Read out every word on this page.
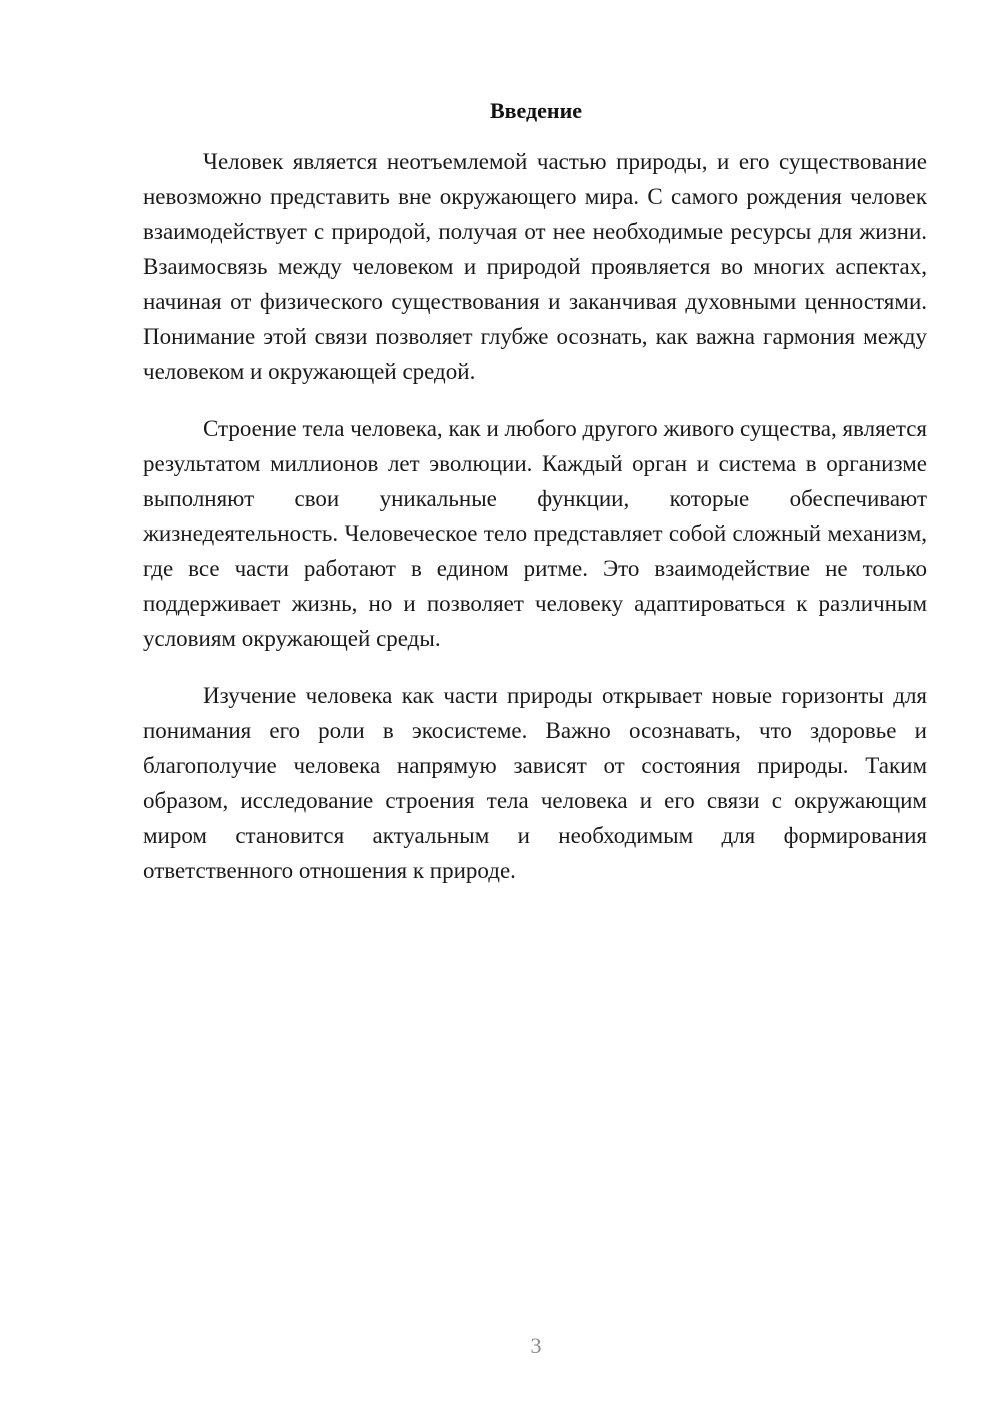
Введение

Человек является неотъемлемой частью природы, и его существование невозможно представить вне окружающего мира. С самого рождения человек взаимодействует с природой, получая от нее необходимые ресурсы для жизни. Взаимосвязь между человеком и природой проявляется во многих аспектах, начиная от физического существования и заканчивая духовными ценностями. Понимание этой связи позволяет глубже осознать, как важна гармония между человеком и окружающей средой.

Строение тела человека, как и любого другого живого существа, является результатом миллионов лет эволюции. Каждый орган и система в организме выполняют свои уникальные функции, которые обеспечивают жизнедеятельность. Человеческое тело представляет собой сложный механизм, где все части работают в едином ритме. Это взаимодействие не только поддерживает жизнь, но и позволяет человеку адаптироваться к различным условиям окружающей среды.

Изучение человека как части природы открывает новые горизонты для понимания его роли в экосистеме. Важно осознавать, что здоровье и благополучие человека напрямую зависят от состояния природы. Таким образом, исследование строения тела человека и его связи с окружающим миром становится актуальным и необходимым для формирования ответственного отношения к природе.

3
